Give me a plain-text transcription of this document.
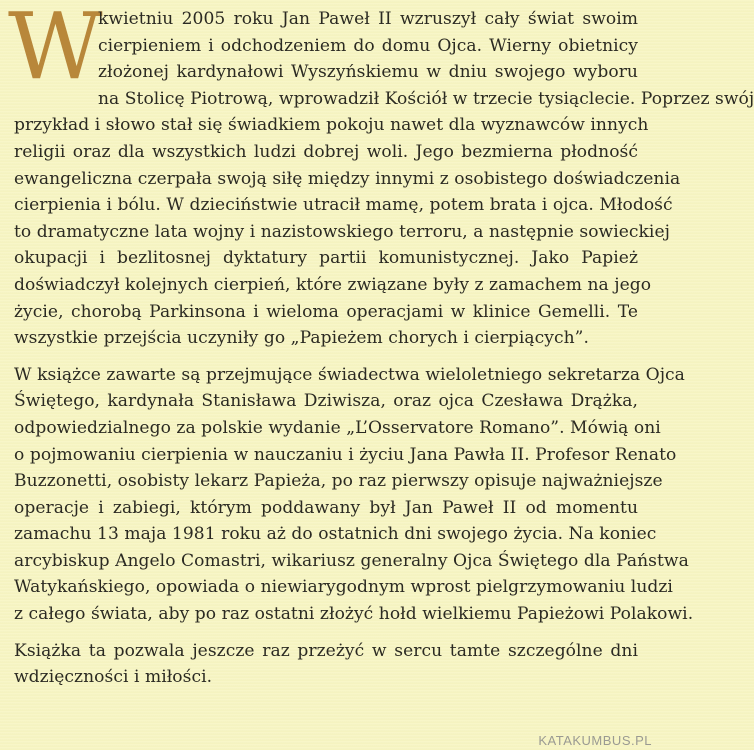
W
kwietniu 2005 roku Jan Paweł II wzruszył cały świat swoim
cierpieniem i odchodzeniem do domu Ojca. Wierny obietnicy
złożonej kardynałowi Wyszyńskiemu w dniu swojego wyboru
na Stolicę Piotrową, wprowadził Kościół w trzecie tysiąclecie. Poprzez swój
przykład i słowo stał się świadkiem pokoju nawet dla wyznawców innych
religii oraz dla wszystkich ludzi dobrej woli. Jego bezmierna płodność
ewangeliczna czerpała swoją siłę między innymi z osobistego doświadczenia
cierpienia i bólu. W dzieciństwie utracił mamę, potem brata i ojca. Młodość
to dramatyczne lata wojny i nazistowskiego terroru, a następnie sowieckiej
okupacji i bezlitosnej dyktatury partii komunistycznej. Jako Papież
doświadczył kolejnych cierpień, które związane były z zamachem na jego
życie, chorobą Parkinsona i wieloma operacjami w klinice Gemelli. Te
wszystkie przejścia uczyniły go „Papieżem chorych i cierpiących”.
W książce zawarte są przejmujące świadectwa wieloletniego sekretarza Ojca
Świętego, kardynała Stanisława Dziwisza, oraz ojca Czesława Drążka,
odpowiedzialnego za polskie wydanie „L’Osservatore Romano”. Mówią oni
o pojmowaniu cierpienia w nauczaniu i życiu Jana Pawła II. Profesor Renato
Buzzonetti, osobisty lekarz Papieża, po raz pierwszy opisuje najważniejsze
operacje i zabiegi, którym poddawany był Jan Paweł II od momentu
zamachu 13 maja 1981 roku aż do ostatnich dni swojego życia. Na koniec
arcybiskup Angelo Comastri, wikariusz generalny Ojca Świętego dla Państwa
Watykańskiego, opowiada o niewiarygodnym wprost pielgrzymowaniu ludzi
z całego świata, aby po raz ostatni złożyć hołd wielkiemu Papieżowi Polakowi.
Książka ta pozwala jeszcze raz przeżyć w sercu tamte szczególne dni
wdzięczności i miłości.
KATAKUMBUS.PL
